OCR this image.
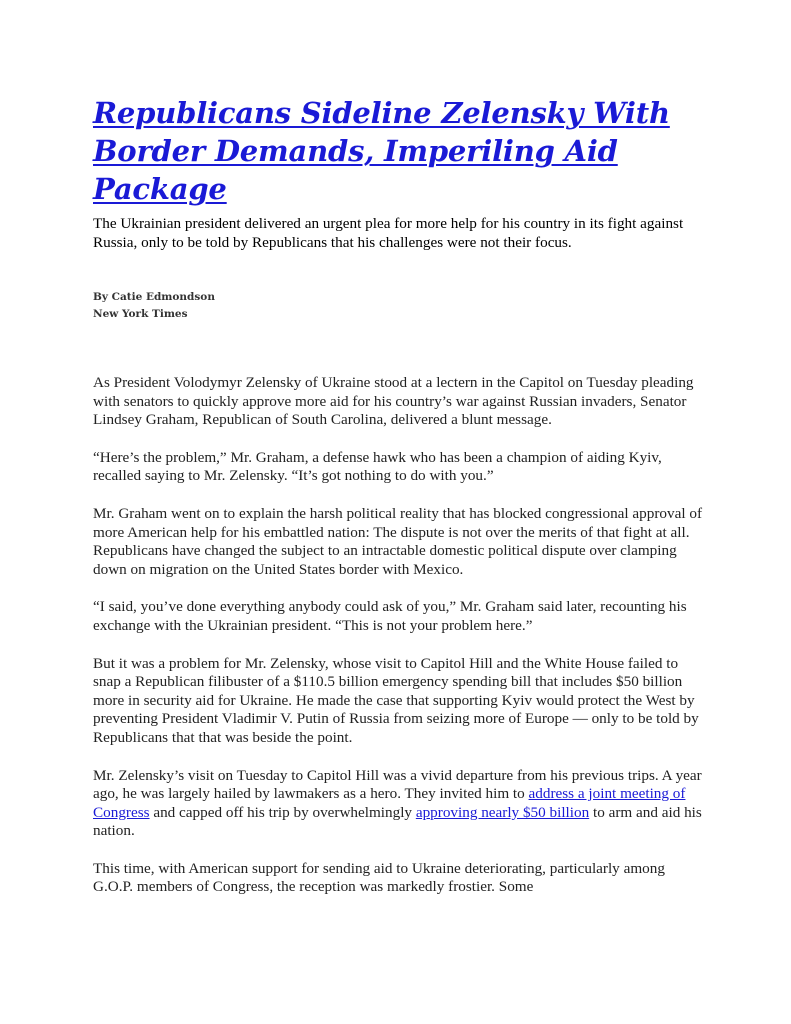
Republicans Sideline Zelensky With Border Demands, Imperiling Aid Package

The Ukrainian president delivered an urgent plea for more help for his country in its fight against Russia, only to be told by Republicans that his challenges were not their focus.

By Catie Edmondson
New York Times

As President Volodymyr Zelensky of Ukraine stood at a lectern in the Capitol on Tuesday pleading with senators to quickly approve more aid for his country’s war against Russian invaders, Senator Lindsey Graham, Republican of South Carolina, delivered a blunt message.

“Here’s the problem,” Mr. Graham, a defense hawk who has been a champion of aiding Kyiv, recalled saying to Mr. Zelensky. “It’s got nothing to do with you.”

Mr. Graham went on to explain the harsh political reality that has blocked congressional approval of more American help for his embattled nation: The dispute is not over the merits of that fight at all. Republicans have changed the subject to an intractable domestic political dispute over clamping down on migration on the United States border with Mexico.

“I said, you’ve done everything anybody could ask of you,” Mr. Graham said later, recounting his exchange with the Ukrainian president. “This is not your problem here.”

But it was a problem for Mr. Zelensky, whose visit to Capitol Hill and the White House failed to snap a Republican filibuster of a $110.5 billion emergency spending bill that includes $50 billion more in security aid for Ukraine. He made the case that supporting Kyiv would protect the West by preventing President Vladimir V. Putin of Russia from seizing more of Europe — only to be told by Republicans that that was beside the point.

Mr. Zelensky’s visit on Tuesday to Capitol Hill was a vivid departure from his previous trips. A year ago, he was largely hailed by lawmakers as a hero. They invited him to address a joint meeting of Congress and capped off his trip by overwhelmingly approving nearly $50 billion to arm and aid his nation.

This time, with American support for sending aid to Ukraine deteriorating, particularly among G.O.P. members of Congress, the reception was markedly frostier. Some
